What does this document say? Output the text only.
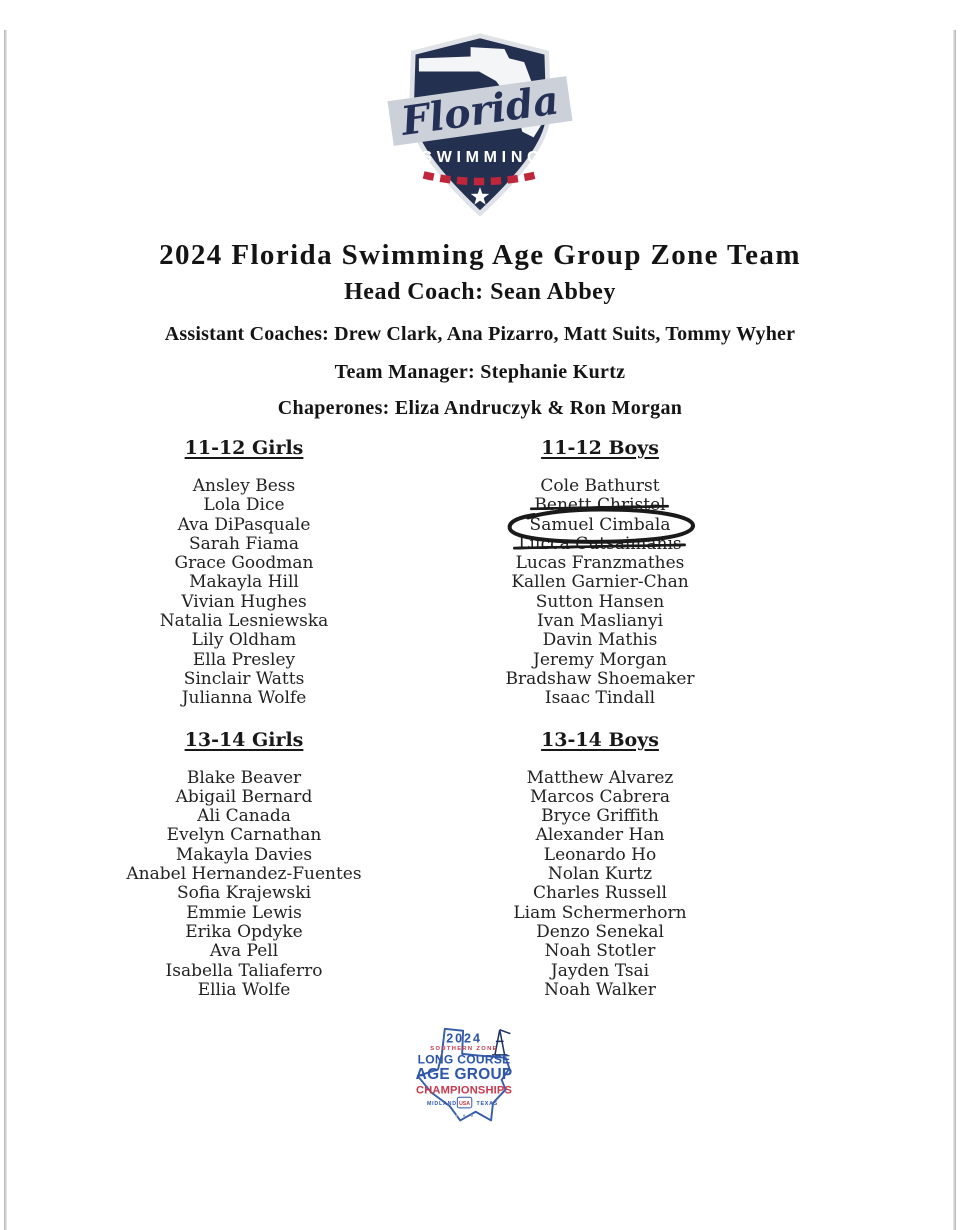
Florida
SWIMMING
2024 Florida Swimming Age Group Zone Team
Head Coach: Sean Abbey
Assistant Coaches: Drew Clark, Ana Pizarro, Matt Suits, Tommy Wyher
Team Manager: Stephanie Kurtz
Chaperones: Eliza Andruczyk & Ron Morgan
11-12 Girls
Ansley Bess
Lola Dice
Ava DiPasquale
Sarah Fiama
Grace Goodman
Makayla Hill
Vivian Hughes
Natalia Lesniewska
Lily Oldham
Ella Presley
Sinclair Watts
Julianna Wolfe
11-12 Boys
Cole Bathurst
Benett Christel
Samuel Cimbala
Lucca Cutsaimanis
Lucas Franzmathes
Kallen Garnier-Chan
Sutton Hansen
Ivan Maslianyi
Davin Mathis
Jeremy Morgan
Bradshaw Shoemaker
Isaac Tindall
13-14 Girls
Blake Beaver
Abigail Bernard
Ali Canada
Evelyn Carnathan
Makayla Davies
Anabel Hernandez-Fuentes
Sofia Krajewski
Emmie Lewis
Erika Opdyke
Ava Pell
Isabella Taliaferro
Ellia Wolfe
13-14 Boys
Matthew Alvarez
Marcos Cabrera
Bryce Griffith
Alexander Han
Leonardo Ho
Nolan Kurtz
Charles Russell
Liam Schermerhorn
Denzo Senekal
Noah Stotler
Jayden Tsai
Noah Walker
2024
SOUTHERN ZONE
LONG COURSE
AGE GROUP
CHAMPIONSHIPS
MIDLAND USA TEXAS
